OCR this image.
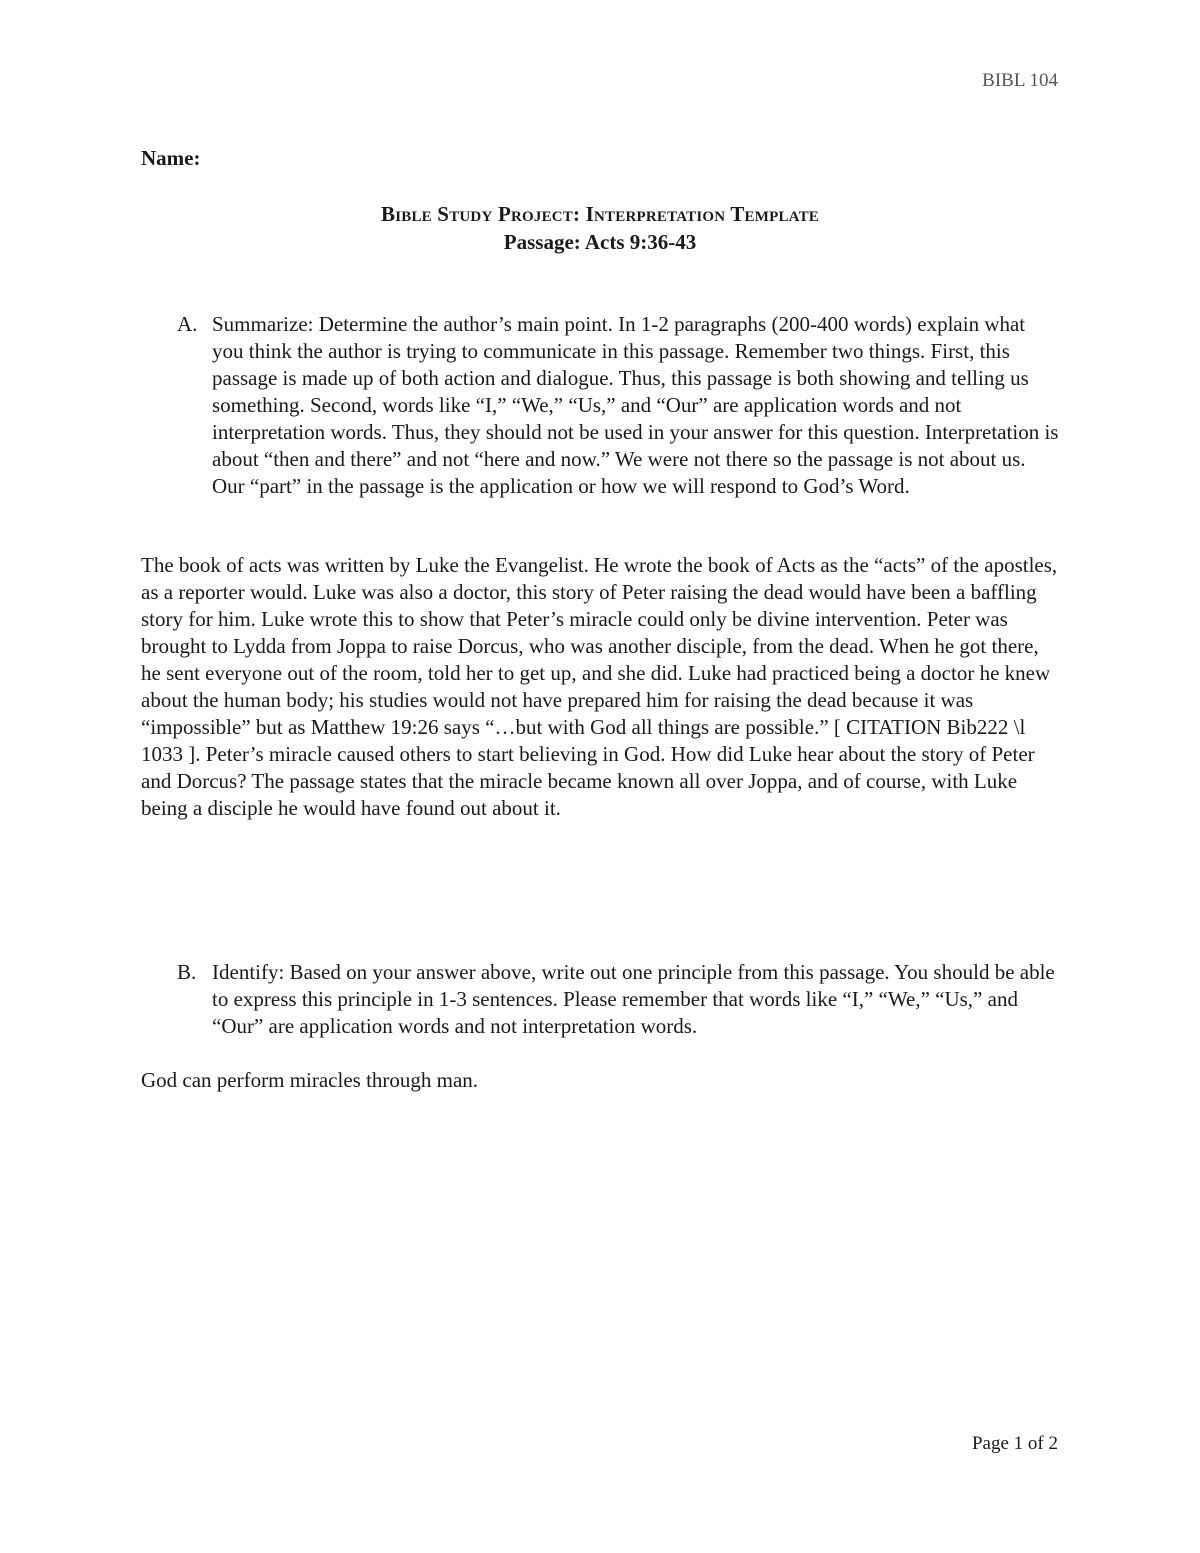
BIBL 104
Name:
Bible Study Project: Interpretation Template
Passage: Acts 9:36-43
A. Summarize: Determine the author’s main point. In 1-2 paragraphs (200-400 words) explain what you think the author is trying to communicate in this passage. Remember two things. First, this passage is made up of both action and dialogue. Thus, this passage is both showing and telling us something. Second, words like “I,” “We,” “Us,” and “Our” are application words and not interpretation words. Thus, they should not be used in your answer for this question. Interpretation is about “then and there” and not “here and now.” We were not there so the passage is not about us. Our “part” in the passage is the application or how we will respond to God’s Word.
The book of acts was written by Luke the Evangelist. He wrote the book of Acts as the “acts” of the apostles, as a reporter would. Luke was also a doctor, this story of Peter raising the dead would have been a baffling story for him. Luke wrote this to show that Peter’s miracle could only be divine intervention. Peter was brought to Lydda from Joppa to raise Dorcus, who was another disciple, from the dead. When he got there, he sent everyone out of the room, told her to get up, and she did. Luke had practiced being a doctor he knew about the human body; his studies would not have prepared him for raising the dead because it was “impossible” but as Matthew 19:26 says “…but with God all things are possible.” [ CITATION Bib222 \l 1033 ]. Peter’s miracle caused others to start believing in God. How did Luke hear about the story of Peter and Dorcus? The passage states that the miracle became known all over Joppa, and of course, with Luke being a disciple he would have found out about it.
B. Identify: Based on your answer above, write out one principle from this passage. You should be able to express this principle in 1-3 sentences. Please remember that words like “I,” “We,” “Us,” and “Our” are application words and not interpretation words.
God can perform miracles through man.
Page 1 of 2
